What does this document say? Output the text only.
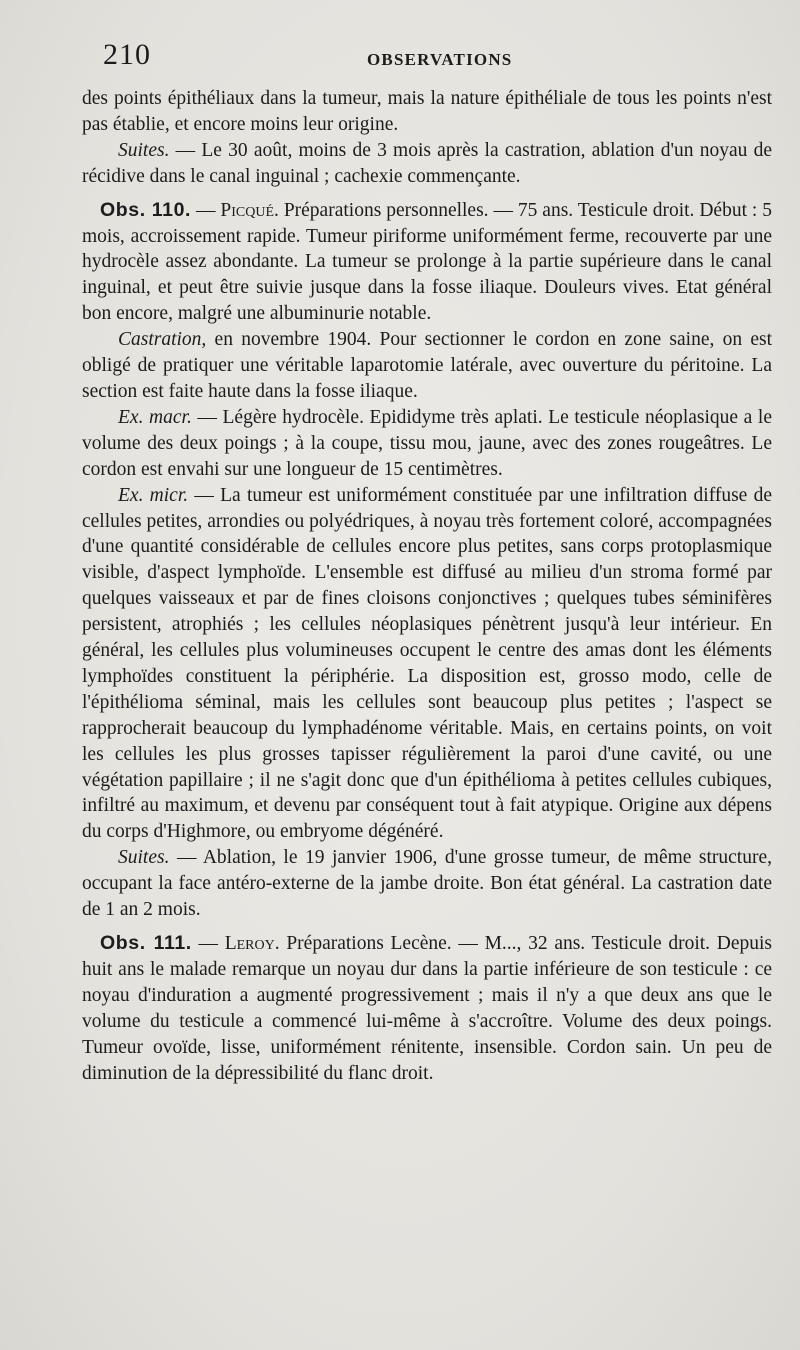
210	OBSERVATIONS

des points épithéliaux dans la tumeur, mais la nature épithéliale de tous les points n'est pas établie, et encore moins leur origine.

Suites. — Le 30 août, moins de 3 mois après la castration, ablation d'un noyau de récidive dans le canal inguinal ; cachexie commençante.

Obs. 110. — Picqué. Préparations personnelles. — 75 ans. Testicule droit. Début : 5 mois, accroissement rapide. Tumeur piriforme uniformément ferme, recouverte par une hydrocèle assez abondante. La tumeur se prolonge à la partie supérieure dans le canal inguinal, et peut être suivie jusque dans la fosse iliaque. Douleurs vives. Etat général bon encore, malgré une albuminurie notable.

Castration, en novembre 1904. Pour sectionner le cordon en zone saine, on est obligé de pratiquer une véritable laparotomie latérale, avec ouverture du péritoine. La section est faite haute dans la fosse iliaque.

Ex. macr. — Légère hydrocèle. Epididyme très aplati. Le testicule néoplasique a le volume des deux poings ; à la coupe, tissu mou, jaune, avec des zones rougeâtres. Le cordon est envahi sur une longueur de 15 centimètres.

Ex. micr. — La tumeur est uniformément constituée par une infiltration diffuse de cellules petites, arrondies ou polyédriques, à noyau très fortement coloré, accompagnées d'une quantité considérable de cellules encore plus petites, sans corps protoplasmique visible, d'aspect lymphoïde. L'ensemble est diffusé au milieu d'un stroma formé par quelques vaisseaux et par de fines cloisons conjonctives ; quelques tubes séminifères persistent, atrophiés ; les cellules néoplasiques pénètrent jusqu'à leur intérieur. En général, les cellules plus volumineuses occupent le centre des amas dont les éléments lymphoïdes constituent la périphérie. La disposition est, grosso modo, celle de l'épithélioma séminal, mais les cellules sont beaucoup plus petites ; l'aspect se rapprocherait beaucoup du lymphadénome véritable. Mais, en certains points, on voit les cellules les plus grosses tapisser régulièrement la paroi d'une cavité, ou une végétation papillaire ; il ne s'agit donc que d'un épithélioma à petites cellules cubiques, infiltré au maximum, et devenu par conséquent tout à fait atypique. Origine aux dépens du corps d'Highmore, ou embryome dégénéré.

Suites. — Ablation, le 19 janvier 1906, d'une grosse tumeur, de même structure, occupant la face antéro-externe de la jambe droite. Bon état général. La castration date de 1 an 2 mois.

Obs. 111. — Leroy. Préparations Lecène. — M..., 32 ans. Testicule droit. Depuis huit ans le malade remarque un noyau dur dans la partie inférieure de son testicule : ce noyau d'induration a augmenté progressivement ; mais il n'y a que deux ans que le volume du testicule a commencé lui-même à s'accroître. Volume des deux poings. Tumeur ovoïde, lisse, uniformément rénitente, insensible. Cordon sain. Un peu de diminution de la dépressibilité du flanc droit.
